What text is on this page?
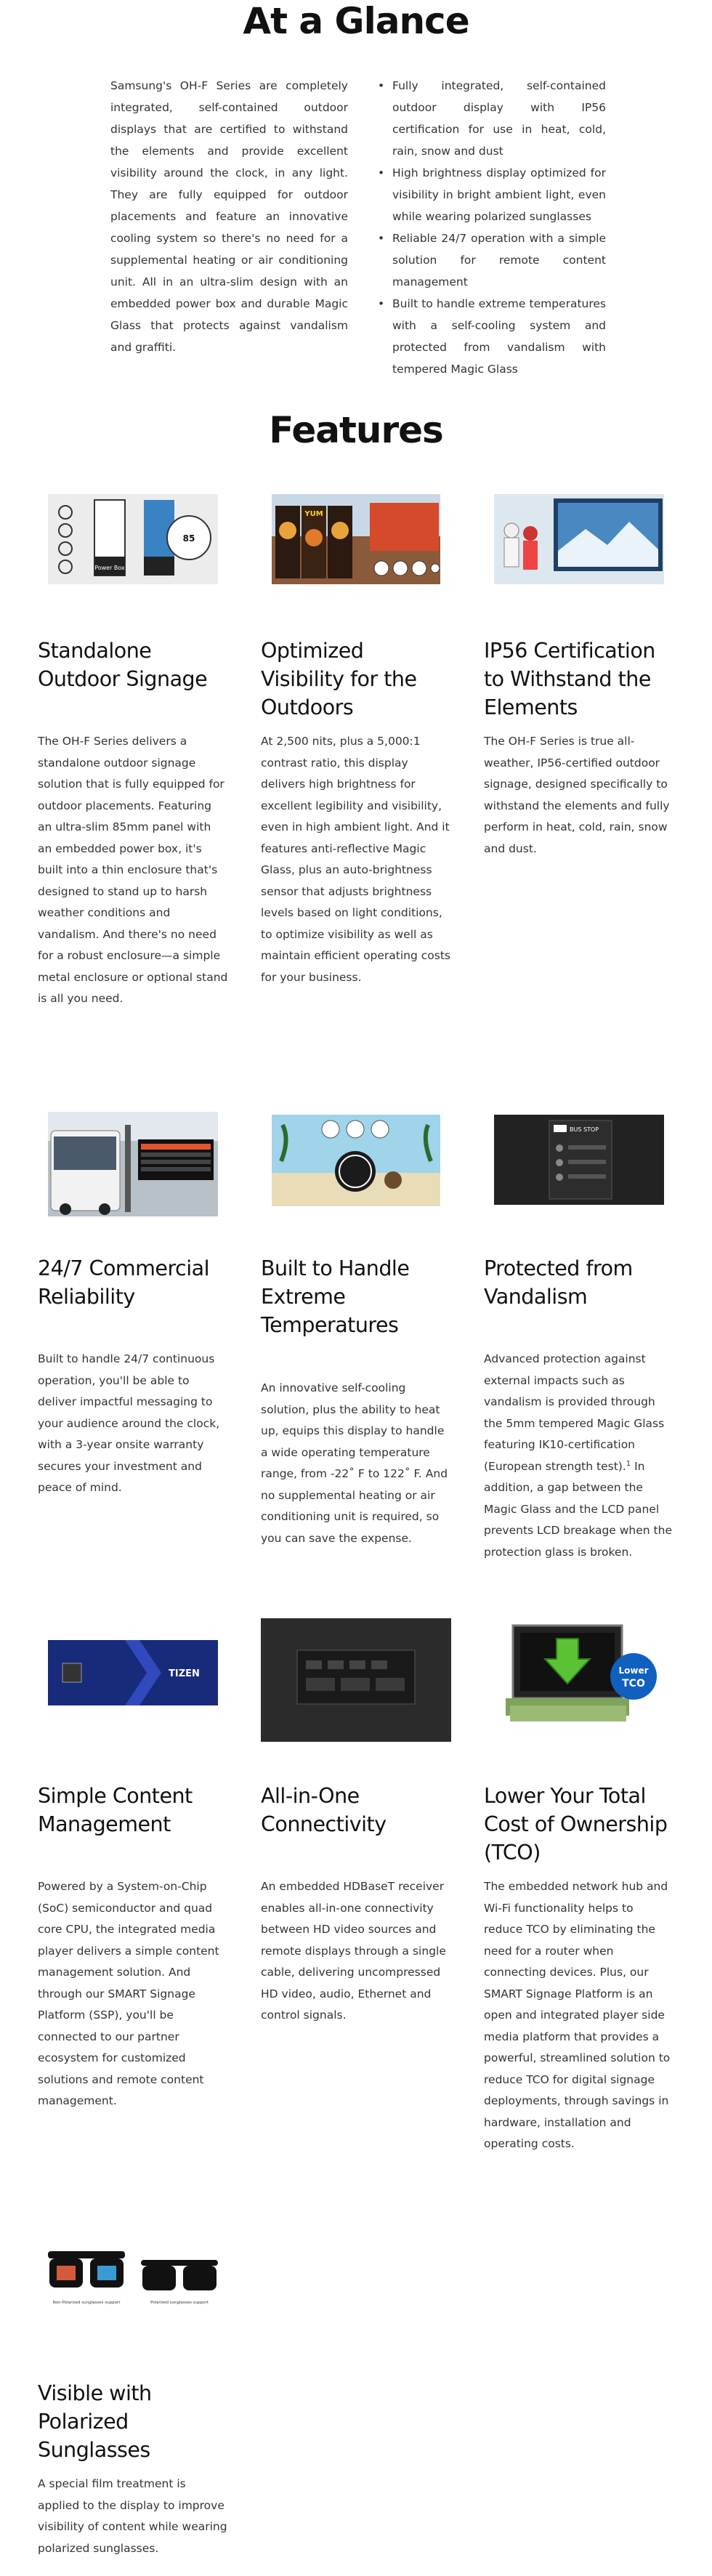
At a Glance

Samsung's OH-F Series are completely integrated, self-contained outdoor displays that are certified to withstand the elements and provide excellent visibility around the clock, in any light. They are fully equipped for outdoor placements and feature an innovative cooling system so there's no need for a supplemental heating or air conditioning unit. All in an ultra-slim design with an embedded power box and durable Magic Glass that protects against vandalism and graffiti.

• Fully integrated, self-contained outdoor display with IP56 certification for use in heat, cold, rain, snow and dust
• High brightness display optimized for visibility in bright ambient light, even while wearing polarized sunglasses
• Reliable 24/7 operation with a simple solution for remote content management
• Built to handle extreme temperatures with a self-cooling system and protected from vandalism with tempered Magic Glass
Features
Power Box
85
Standalone Outdoor Signage

The OH-F Series delivers a standalone outdoor signage solution that is fully equipped for outdoor placements. Featuring an ultra-slim 85mm panel with an embedded power box, it's built into a thin enclosure that's designed to stand up to harsh weather conditions and vandalism. And there's no need for a robust enclosure—a simple metal enclosure or optional stand is all you need.

YUM
Optimized Visibility for the Outdoors

At 2,500 nits, plus a 5,000:1 contrast ratio, this display delivers high brightness for excellent legibility and visibility, even in high ambient light. And it features anti-reflective Magic Glass, plus an auto-brightness sensor that adjusts brightness levels based on light conditions, to optimize visibility as well as maintain efficient operating costs for your business.

IP56 Certification to Withstand the Elements

The OH-F Series is true all-weather, IP56-certified outdoor signage, designed specifically to withstand the elements and fully perform in heat, cold, rain, snow and dust.

24/7 Commercial Reliability

Built to handle 24/7 continuous operation, you'll be able to deliver impactful messaging to your audience around the clock, with a 3-year onsite warranty secures your investment and peace of mind.

Built to Handle Extreme Temperatures

An innovative self-cooling solution, plus the ability to heat up, equips this display to handle a wide operating temperature range, from -22˚ F to 122˚ F. And no supplemental heating or air conditioning unit is required, so you can save the expense.

BUS STOP
Protected from Vandalism

Advanced protection against external impacts such as vandalism is provided through the 5mm tempered Magic Glass featuring IK10-certification (European strength test).$^1$ In addition, a gap between the Magic Glass and the LCD panel prevents LCD breakage when the protection glass is broken.

TIZEN
Simple Content Management

Powered by a System-on-Chip (SoC) semiconductor and quad core CPU, the integrated media player delivers a simple content management solution. And through our SMART Signage Platform (SSP), you'll be connected to our partner ecosystem for customized solutions and remote content management.

All-in-One Connectivity

An embedded HDBaseT receiver enables all-in-one connectivity between HD video sources and remote displays through a single cable, delivering uncompressed HD video, audio, Ethernet and control signals.

Lower
TCO
Lower Your Total Cost of Ownership (TCO)

The embedded network hub and Wi-Fi functionality helps to reduce TCO by eliminating the need for a router when connecting devices. Plus, our SMART Signage Platform is an open and integrated player side media platform that provides a powerful, streamlined solution to reduce TCO for digital signage deployments, through savings in hardware, installation and operating costs.

Non-Polarized sunglasses support	Polarized sunglasses support
Visible with Polarized Sunglasses

A special film treatment is applied to the display to improve visibility of content while wearing polarized sunglasses.
